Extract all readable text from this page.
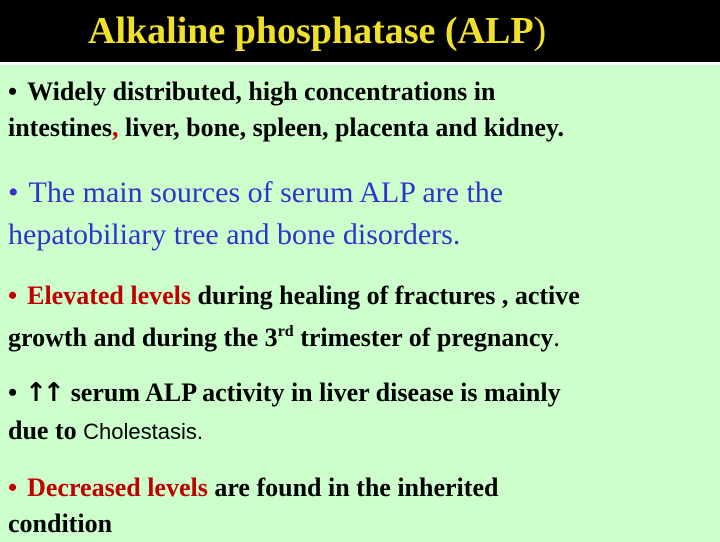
Alkaline phosphatase (ALP)
• Widely distributed, high concentrations in
intestines, liver, bone, spleen, placenta and kidney.
• The main sources of serum ALP are the
hepatobiliary tree and bone disorders.
• Elevated levels during healing of fractures , active
growth and during the 3rd trimester of pregnancy.
• ↑↑ serum ALP activity in liver disease is mainly
due to Cholestasis.
• Decreased levels are found in the inherited
condition
